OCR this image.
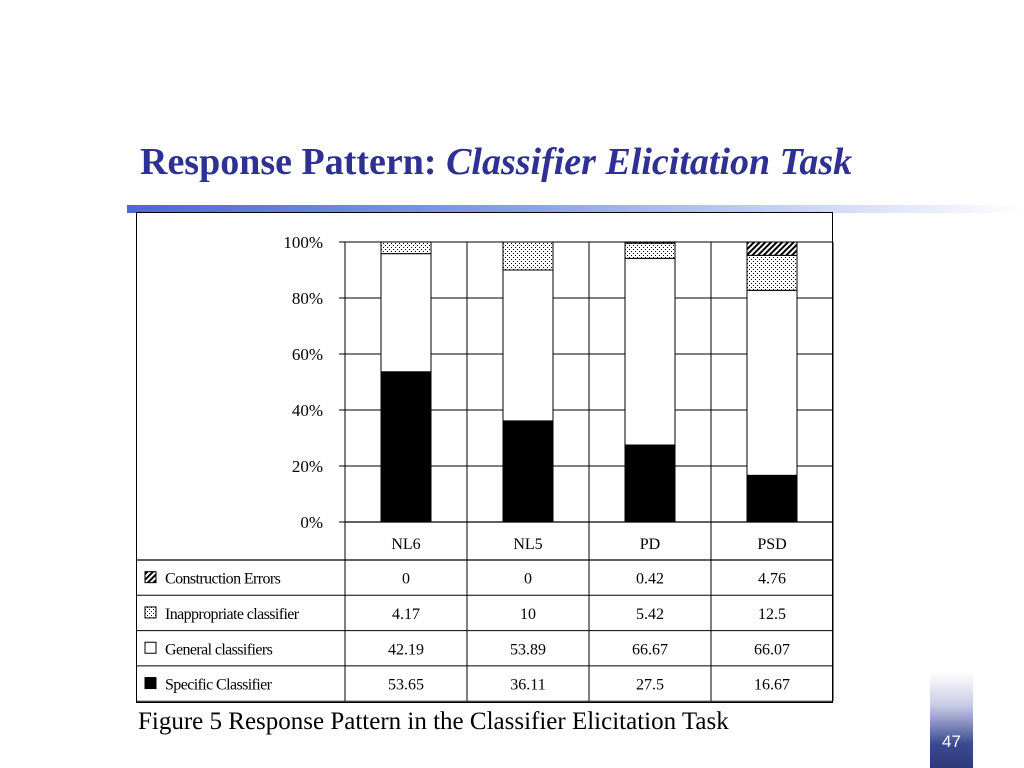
Response Pattern: Classifier Elicitation Task
100%
80%
60%
40%
20%
0%
NL6	NL5	PD	PSD
Construction Errors	0	0	0.42	4.76
Inappropriate classifier	4.17	10	5.42	12.5
General classifiers	42.19	53.89	66.67	66.07
Specific Classifier	53.65	36.11	27.5	16.67
Figure 5 Response Pattern in the Classifier Elicitation Task
47
